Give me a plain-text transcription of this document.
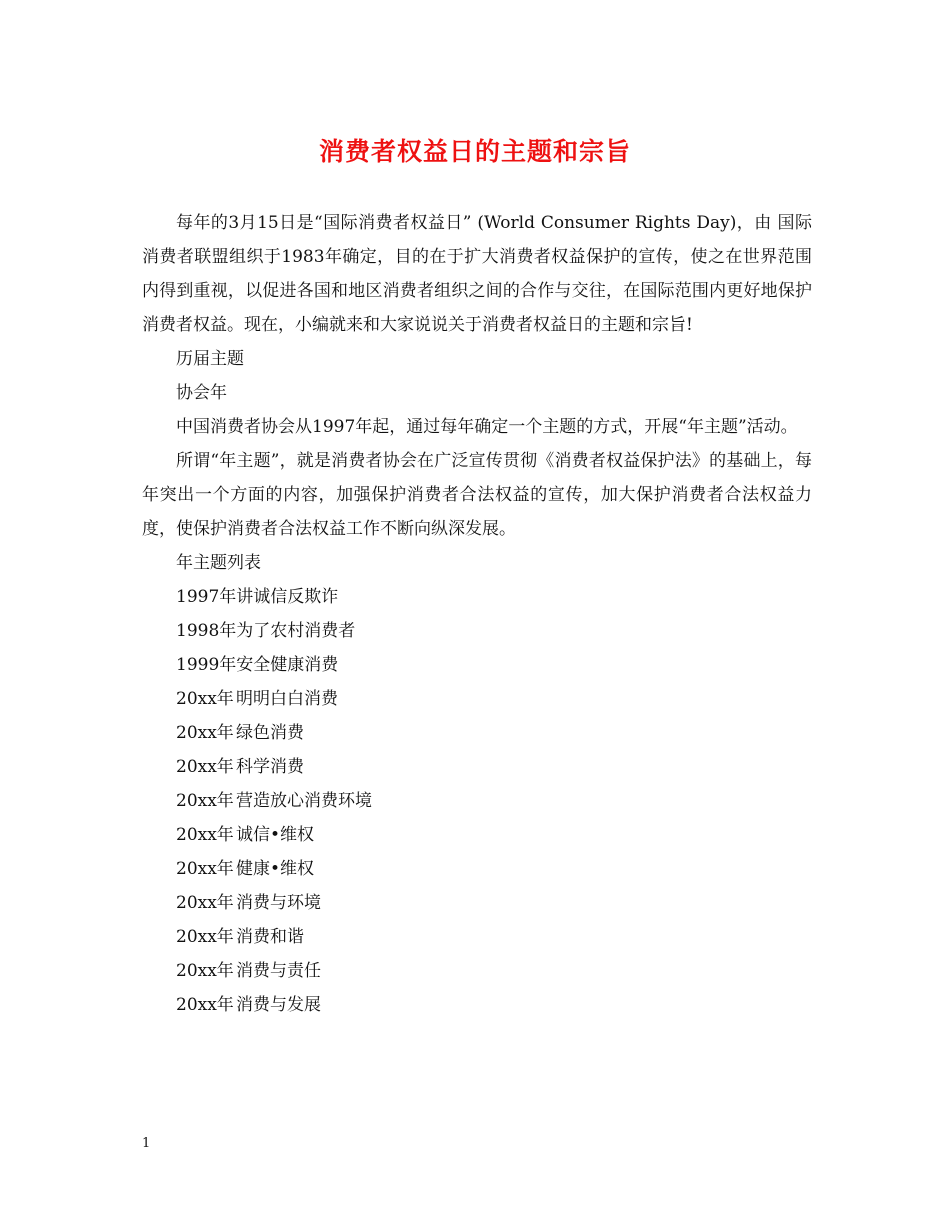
消费者权益日的主题和宗旨

每年的3月15日是“国际消费者权益日” (World Consumer Rights Day)，由 国际消费者联盟组织于1983年确定，目的在于扩大消费者权益保护的宣传，使之在世界范围内得到重视，以促进各国和地区消费者组织之间的合作与交往，在国际范围内更好地保护 消费者权益。现在，小编就来和大家说说关于消费者权益日的主题和宗旨!

历届主题

协会年

中国消费者协会从1997年起，通过每年确定一个主题的方式，开展“年主题”活动。

所谓“年主题”，就是消费者协会在广泛宣传贯彻《消费者权益保护法》的基础上，每年突出一个方面的内容，加强保护消费者合法权益的宣传，加大保护消费者合法权益力度，使保护消费者合法权益工作不断向纵深发展。

年主题列表

1997年讲诚信反欺诈
1998年为了农村消费者
1999年安全健康消费
20xx年 明明白白消费
20xx年 绿色消费
20xx年 科学消费
20xx年 营造放心消费环境
20xx年 诚信•维权
20xx年 健康•维权
20xx年 消费与环境
20xx年 消费和谐
20xx年 消费与责任
20xx年 消费与发展
1
